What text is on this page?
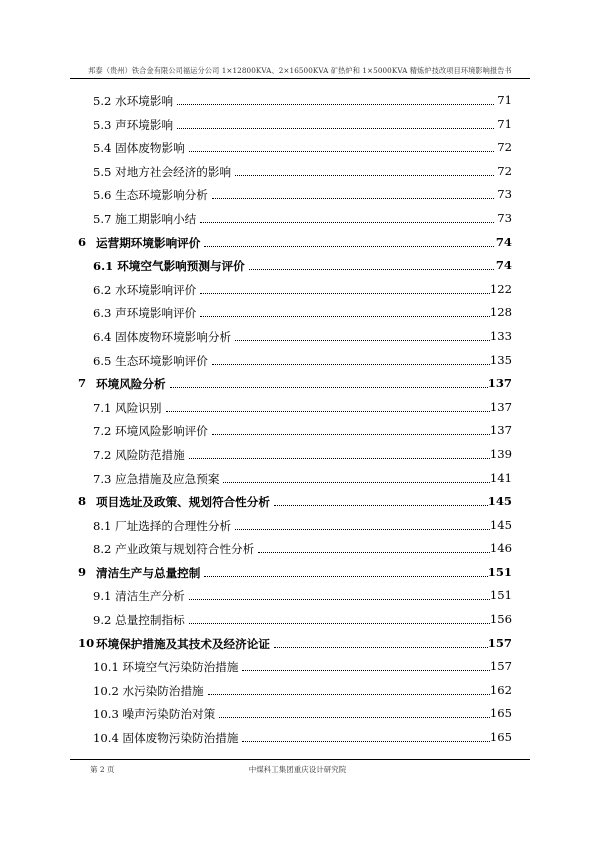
邦泰（贵州）铁合金有限公司福运分公司 1×12800KVA、2×16500KVA 矿热炉和 1×5000KVA 精炼炉技改项目环境影响报告书
5.2 水环境影响	71
5.3 声环境影响	71
5.4 固体废物影响	72
5.5 对地方社会经济的影响	72
5.6 生态环境影响分析	73
5.7 施工期影响小结	73
6 运营期环境影响评价	74
6.1 环境空气影响预测与评价	74
6.2 水环境影响评价	122
6.3 声环境影响评价	128
6.4 固体废物环境影响分析	133
6.5 生态环境影响评价	135
7 环境风险分析	137
7.1 风险识别	137
7.2 环境风险影响评价	137
7.2 风险防范措施	139
7.3 应急措施及应急预案	141
8 项目选址及政策、规划符合性分析	145
8.1 厂址选择的合理性分析	145
8.2 产业政策与规划符合性分析	146
9 清洁生产与总量控制	151
9.1 清洁生产分析	151
9.2 总量控制指标	156
10 环境保护措施及其技术及经济论证	157
10.1 环境空气污染防治措施	157
10.2 水污染防治措施	162
10.3 噪声污染防治对策	165
10.4 固体废物污染防治措施	165
第 2 页	中煤科工集团重庆设计研究院
